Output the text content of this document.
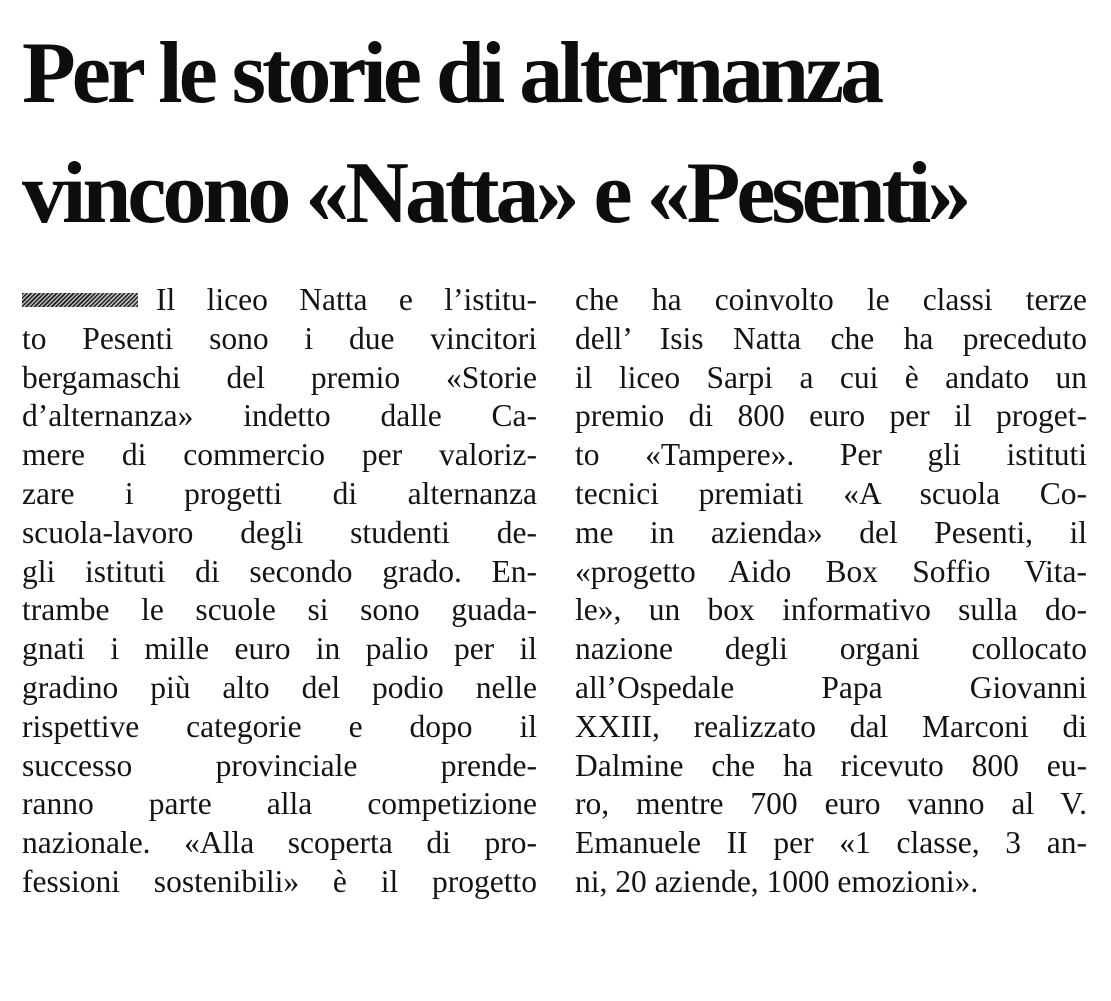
Per le storie di alternanza
vincono «Natta» e «Pesenti»
Il liceo Natta e l’istitu-
to Pesenti sono i due vincitori
bergamaschi del premio «Storie
d’alternanza» indetto dalle Ca-
mere di commercio per valoriz-
zare i progetti di alternanza
scuola-lavoro degli studenti de-
gli istituti di secondo grado. En-
trambe le scuole si sono guada-
gnati i mille euro in palio per il
gradino più alto del podio nelle
rispettive categorie e dopo il
successo provinciale prende-
ranno parte alla competizione
nazionale. «Alla scoperta di pro-
fessioni sostenibili» è il progetto
che ha coinvolto le classi terze
dell’ Isis Natta che ha preceduto
il liceo Sarpi a cui è andato un
premio di 800 euro per il proget-
to «Tampere». Per gli istituti
tecnici premiati «A scuola Co-
me in azienda» del Pesenti, il
«progetto Aido Box Soffio Vita-
le», un box informativo sulla do-
nazione degli organi collocato
all’Ospedale Papa Giovanni
XXIII, realizzato dal Marconi di
Dalmine che ha ricevuto 800 eu-
ro, mentre 700 euro vanno al V.
Emanuele II per «1 classe, 3 an-
ni, 20 aziende, 1000 emozioni».
